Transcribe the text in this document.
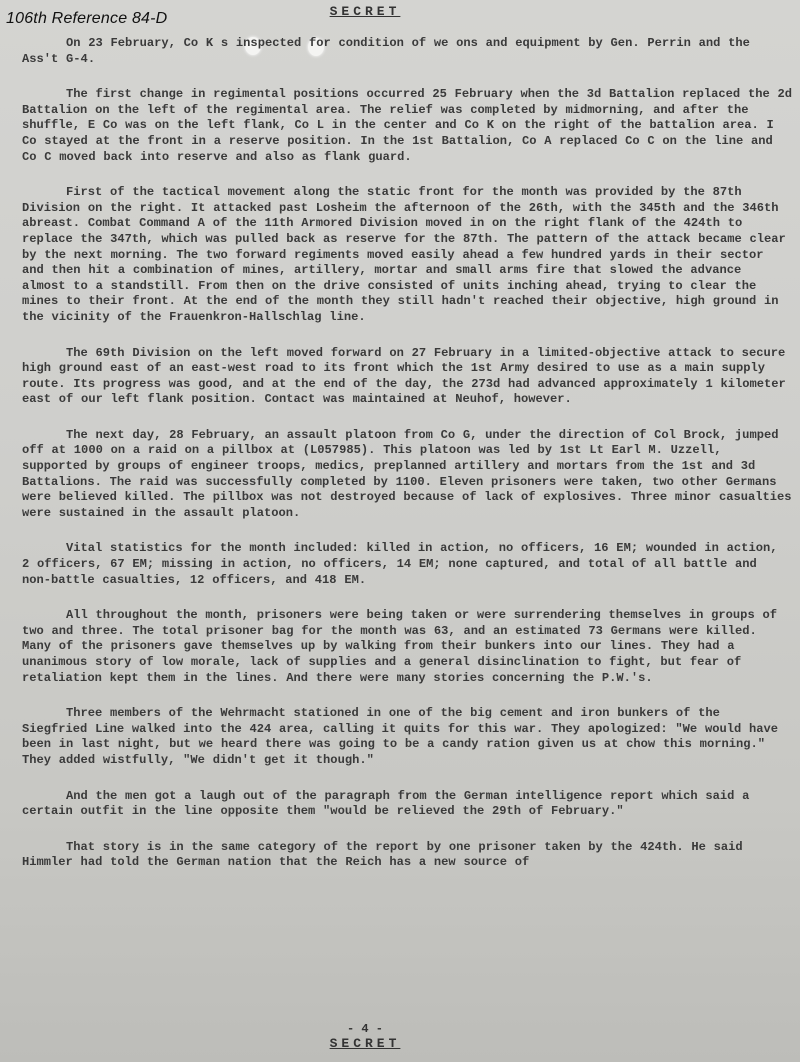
106th Reference 84-D	SECRET

On 23 February, Co K s inspected for condition of we ons and equipment by Gen. Perrin and the Ass't G-4.

The first change in regimental positions occurred 25 February when the 3d Battalion replaced the 2d Battalion on the left of the regimental area. The relief was completed by midmorning, and after the shuffle, E Co was on the left flank, Co L in the center and Co K on the right of the battalion area. I Co stayed at the front in a reserve position. In the 1st Battalion, Co A replaced Co C on the line and Co C moved back into reserve and also as flank guard.

First of the tactical movement along the static front for the month was provided by the 87th Division on the right. It attacked past Losheim the afternoon of the 26th, with the 345th and the 346th abreast. Combat Command A of the 11th Armored Division moved in on the right flank of the 424th to replace the 347th, which was pulled back as reserve for the 87th. The pattern of the attack became clear by the next morning. The two forward regiments moved easily ahead a few hundred yards in their sector and then hit a combination of mines, artillery, mortar and small arms fire that slowed the advance almost to a standstill. From then on the drive consisted of units inching ahead, trying to clear the mines to their front. At the end of the month they still hadn't reached their objective, high ground in the vicinity of the Frauenkron-Hallschlag line.

The 69th Division on the left moved forward on 27 February in a limited-objective attack to secure high ground east of an east-west road to its front which the 1st Army desired to use as a main supply route. Its progress was good, and at the end of the day, the 273d had advanced approximately 1 kilometer east of our left flank position. Contact was maintained at Neuhof, however.

The next day, 28 February, an assault platoon from Co G, under the direction of Col Brock, jumped off at 1000 on a raid on a pillbox at (L057985). This platoon was led by 1st Lt Earl M. Uzzell, supported by groups of engineer troops, medics, preplanned artillery and mortars from the 1st and 3d Battalions. The raid was successfully completed by 1100. Eleven prisoners were taken, two other Germans were believed killed. The pillbox was not destroyed because of lack of explosives. Three minor casualties were sustained in the assault platoon.

Vital statistics for the month included: killed in action, no officers, 16 EM; wounded in action, 2 officers, 67 EM; missing in action, no officers, 14 EM; none captured, and total of all battle and non-battle casualties, 12 officers, and 418 EM.

All throughout the month, prisoners were being taken or were surrendering themselves in groups of two and three. The total prisoner bag for the month was 63, and an estimated 73 Germans were killed. Many of the prisoners gave themselves up by walking from their bunkers into our lines. They had a unanimous story of low morale, lack of supplies and a general disinclination to fight, but fear of retaliation kept them in the lines. And there were many stories concerning the P.W.'s.

Three members of the Wehrmacht stationed in one of the big cement and iron bunkers of the Siegfried Line walked into the 424 area, calling it quits for this war. They apologized: "We would have been in last night, but we heard there was going to be a candy ration given us at chow this morning." They added wistfully, "We didn't get it though."

And the men got a laugh out of the paragraph from the German intelligence report which said a certain outfit in the line opposite them "would be relieved the 29th of February."

That story is in the same category of the report by one prisoner taken by the 424th. He said Himmler had told the German nation that the Reich has a new source of

- 4 -
SECRET
